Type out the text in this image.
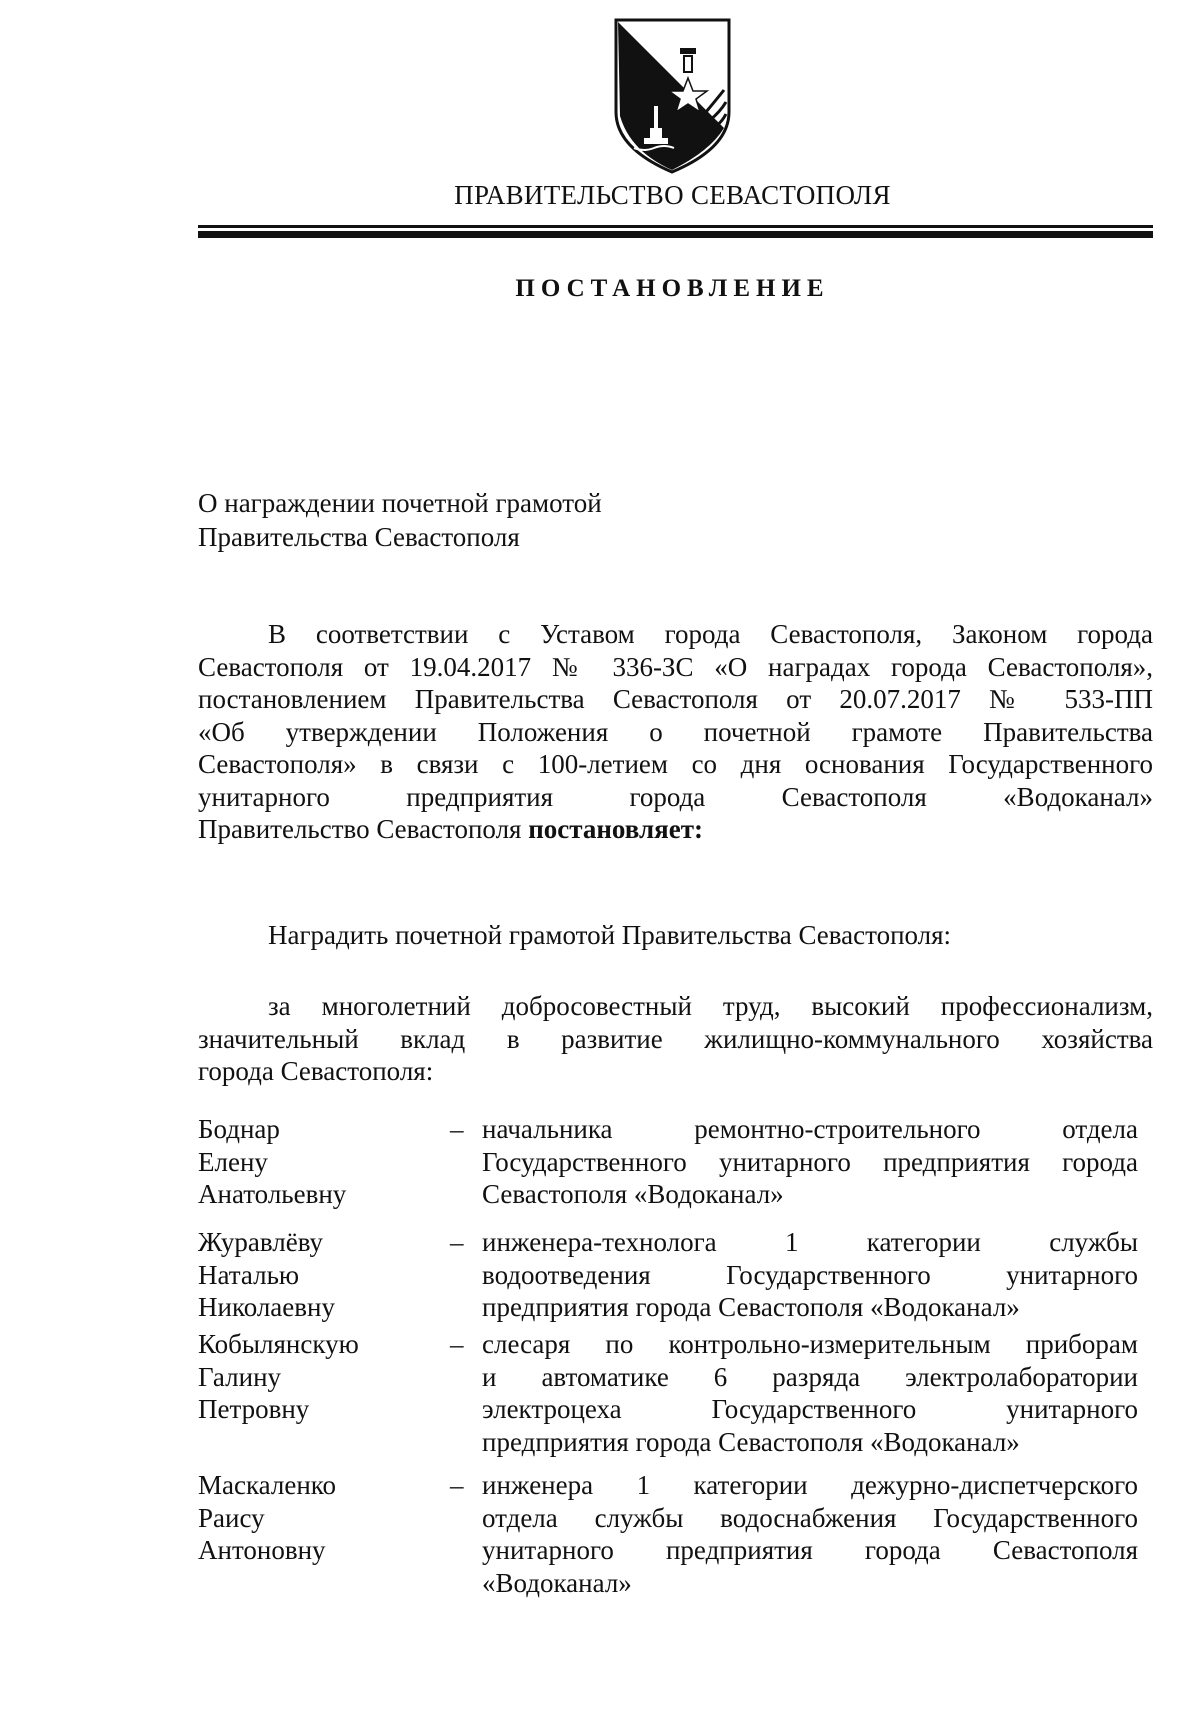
ПРАВИТЕЛЬСТВО СЕВАСТОПОЛЯ
ПОСТАНОВЛЕНИЕ
О награждении почетной грамотой
Правительства Севастополя
В соответствии с Уставом города Севастополя, Законом города
Севастополя от 19.04.2017 № 336-ЗС «О наградах города Севастополя»,
постановлением Правительства Севастополя от 20.07.2017 № 533-ПП
«Об утверждении Положения о почетной грамоте Правительства
Севастополя» в связи с 100-летием со дня основания Государственного
унитарного предприятия города Севастополя «Водоканал»
Правительство Севастополя постановляет:
Наградить почетной грамотой Правительства Севастополя:
за многолетний добросовестный труд, высокий профессионализм,
значительный вклад в развитие жилищно-коммунального хозяйства
города Севастополя:
Боднар
Елену
Анатольевну
– начальника ремонтно-строительного отдела
Государственного унитарного предприятия города
Севастополя «Водоканал»
Журавлёву
Наталью
Николаевну
– инженера-технолога 1 категории службы
водоотведения Государственного унитарного
предприятия города Севастополя «Водоканал»
Кобылянскую
Галину
Петровну
– слесаря по контрольно-измерительным приборам
и автоматике 6 разряда электролаборатории
электроцеха Государственного унитарного
предприятия города Севастополя «Водоканал»
Маскаленко
Раису
Антоновну
– инженера 1 категории дежурно-диспетчерского
отдела службы водоснабжения Государственного
унитарного предприятия города Севастополя
«Водоканал»
